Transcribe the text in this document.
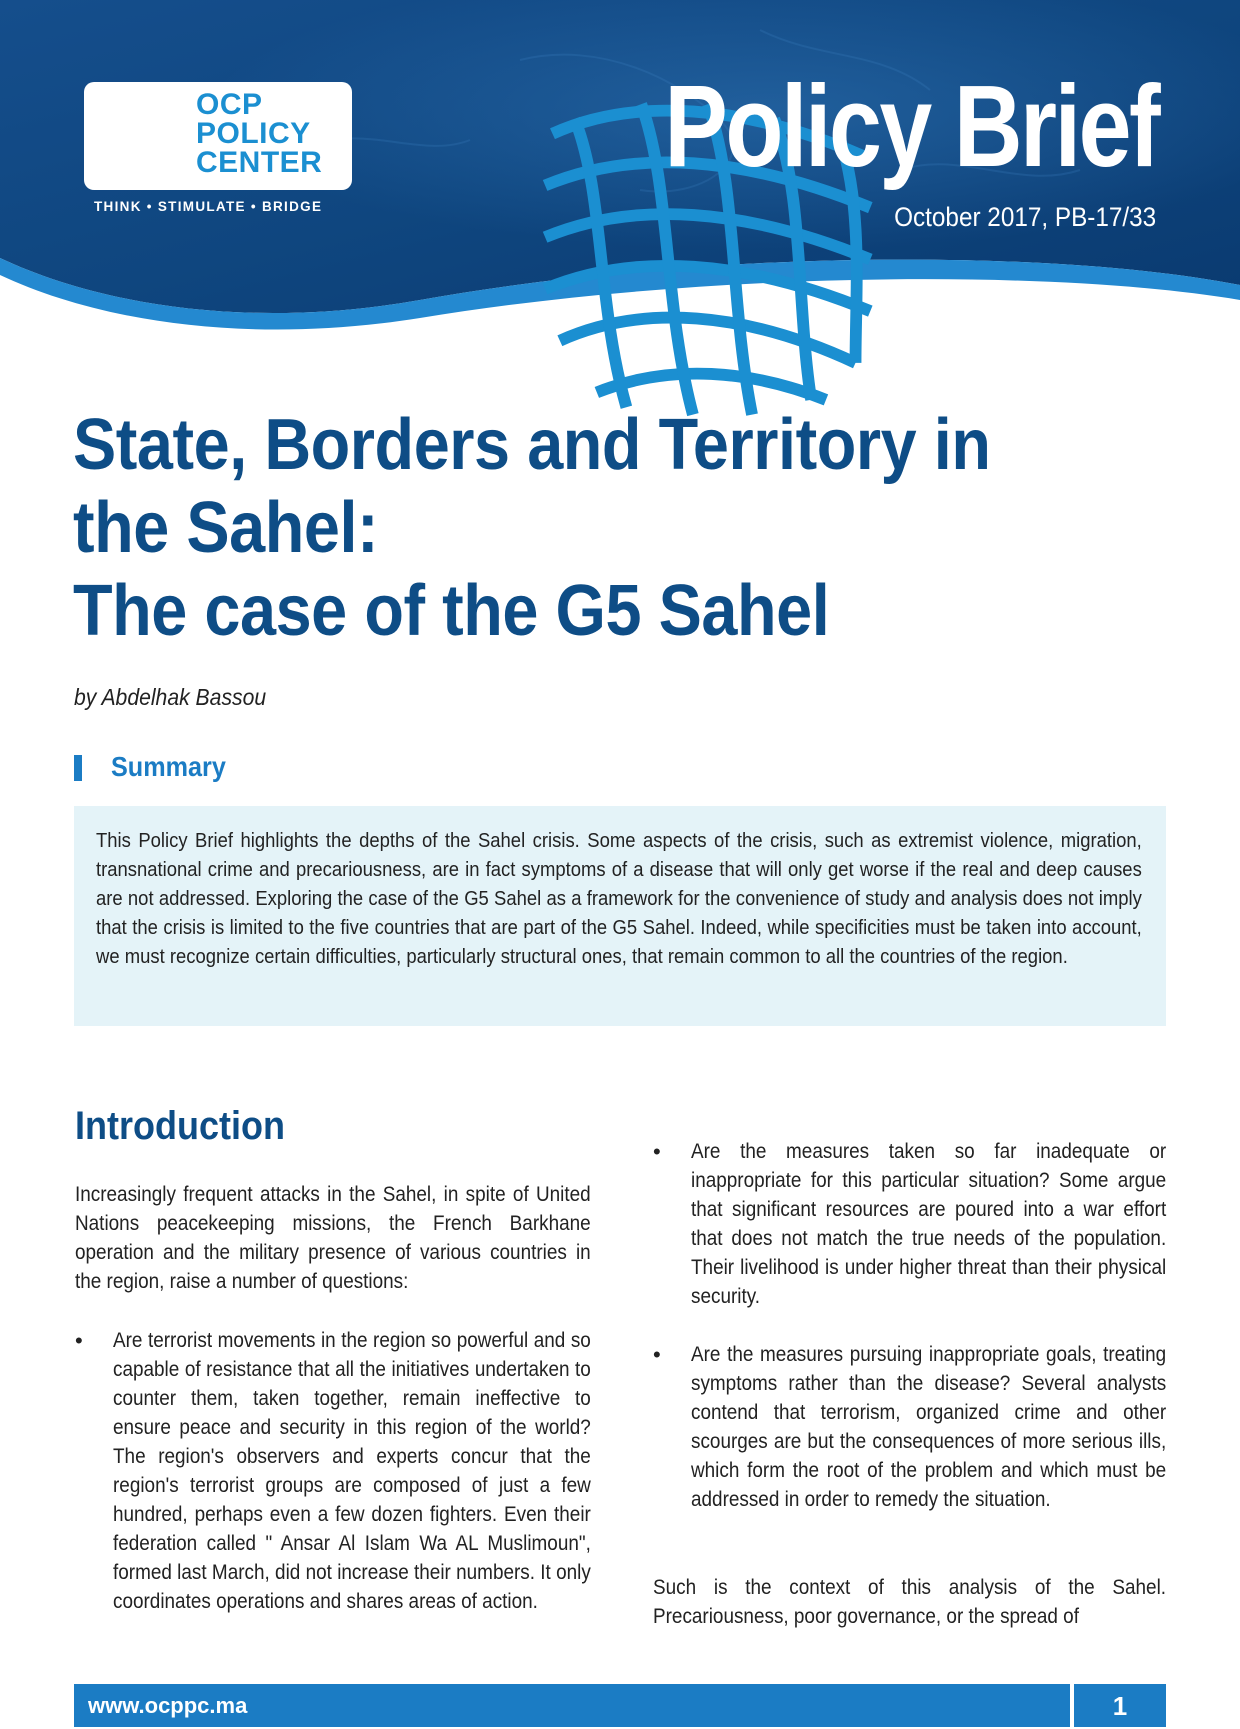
OCP
POLICY
CENTER
THINK • STIMULATE • BRIDGE
Policy Brief
October 2017, PB-17/33
State, Borders and Territory in
the Sahel:
The case of the G5 Sahel
by Abdelhak Bassou
Summary

This Policy Brief highlights the depths of the Sahel crisis. Some aspects of the crisis, such as extremist violence, migration, transnational crime and precariousness, are in fact symptoms of a disease that will only get worse if the real and deep causes are not addressed. Exploring the case of the G5 Sahel as a framework for the convenience of study and analysis does not imply that the crisis is limited to the five countries that are part of the G5 Sahel. Indeed, while specificities must be taken into account, we must recognize certain difficulties, particularly structural ones, that remain common to all the countries of the region.

Introduction
Increasingly frequent attacks in the Sahel, in spite of United Nations peacekeeping missions, the French Barkhane operation and the military presence of various countries in the region, raise a number of questions:
• Are terrorist movements in the region so powerful and so capable of resistance that all the initiatives undertaken to counter them, taken together, remain ineffective to ensure peace and security in this region of the world? The region's observers and experts concur that the region's terrorist groups are composed of just a few hundred, perhaps even a few dozen fighters. Even their federation called " Ansar Al Islam Wa AL Muslimoun", formed last March, did not increase their numbers. It only coordinates operations and shares areas of action.
• Are the measures taken so far inadequate or inappropriate for this particular situation? Some argue that significant resources are poured into a war effort that does not match the true needs of the population. Their livelihood is under higher threat than their physical security.
• Are the measures pursuing inappropriate goals, treating symptoms rather than the disease? Several analysts contend that terrorism, organized crime and other scourges are but the consequences of more serious ills, which form the root of the problem and which must be addressed in order to remedy the situation.
Such is the context of this analysis of the Sahel. Precariousness, poor governance, or the spread of
www.ocppc.ma	1
